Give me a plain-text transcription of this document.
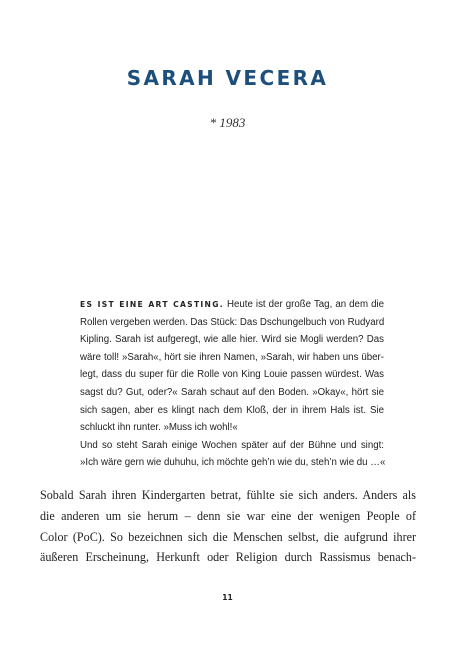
SARAH VECERA
* 1983
ES IST EINE ART CASTING. Heute ist der große Tag, an dem die
Rollen vergeben werden. Das Stück: Das Dschungelbuch von Rudyard
Kipling. Sarah ist aufgeregt, wie alle hier. Wird sie Mogli werden? Das
wäre toll! »Sarah«, hört sie ihren Namen, »Sarah, wir haben uns über-
legt, dass du super für die Rolle von King Louie passen würdest. Was
sagst du? Gut, oder?« Sarah schaut auf den Boden. »Okay«, hört sie
sich sagen, aber es klingt nach dem Kloß, der in ihrem Hals ist. Sie
schluckt ihn runter. »Muss ich wohl!«
Und so steht Sarah einige Wochen später auf der Bühne und singt:
»Ich wäre gern wie duhuhu, ich möchte geh’n wie du, steh’n wie du …«
Sobald Sarah ihren Kindergarten betrat, fühlte sie sich anders. Anders als
die anderen um sie herum – denn sie war eine der wenigen People of
Color (PoC). So bezeichnen sich die Menschen selbst, die aufgrund ihrer
äußeren Erscheinung, Herkunft oder Religion durch Rassismus benach-
11
